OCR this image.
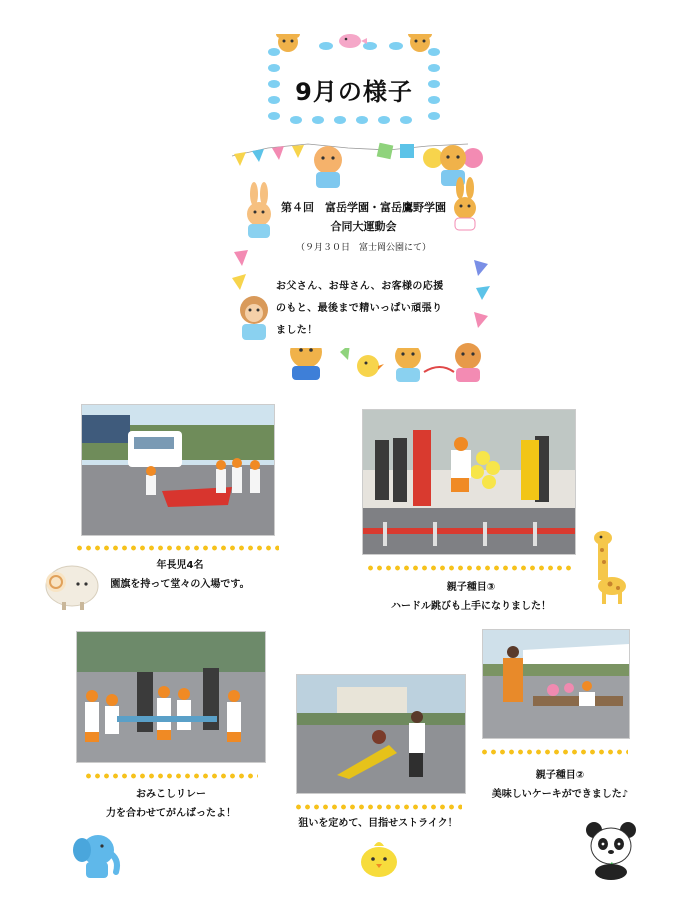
9月の様子
第４回　富岳学園・富岳鷹野学園
合同大運動会
（９月３０日　富士岡公園にて）
お父さん、お母さん、お客様の応援のもと、最後まで精いっぱい頑張りました！
年長児4名
園旗を持って堂々の入場です。	親子種目③
ハードル跳びも上手になりました！
おみこしリレー
力を合わせてがんばったよ！
狙いを定めて、目指せストライク！
親子種目②
美味しいケーキができました♪
